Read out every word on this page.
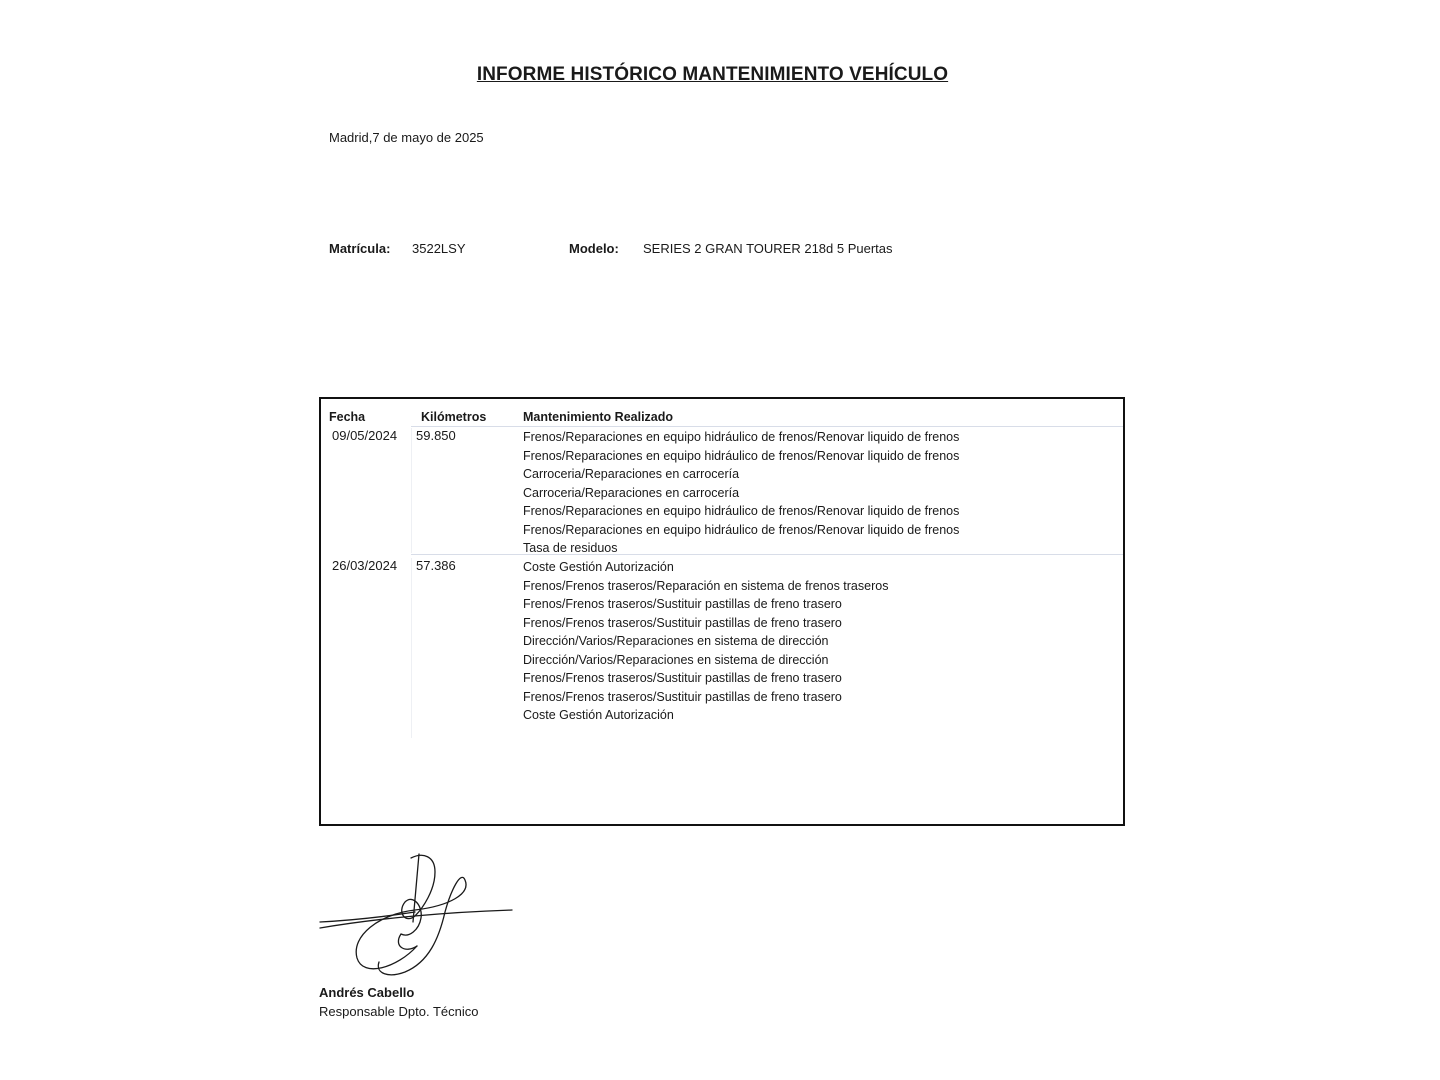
INFORME HISTÓRICO MANTENIMIENTO VEHÍCULO
Madrid,7 de mayo de 2025
Matrícula: 3522LSY	Modelo: SERIES 2 GRAN TOURER 218d 5 Puertas
Fecha	Kilómetros	Mantenimiento Realizado
09/05/2024 59.850	Frenos/Reparaciones en equipo hidráulico de frenos/Renovar liquido de frenos
Frenos/Reparaciones en equipo hidráulico de frenos/Renovar liquido de frenos
Carroceria/Reparaciones en carrocería
Carroceria/Reparaciones en carrocería
Frenos/Reparaciones en equipo hidráulico de frenos/Renovar liquido de frenos
Frenos/Reparaciones en equipo hidráulico de frenos/Renovar liquido de frenos
Tasa de residuos
26/03/2024 57.386	Coste Gestión Autorización
Frenos/Frenos traseros/Reparación en sistema de frenos traseros
Frenos/Frenos traseros/Sustituir pastillas de freno trasero
Frenos/Frenos traseros/Sustituir pastillas de freno trasero
Dirección/Varios/Reparaciones en sistema de dirección
Dirección/Varios/Reparaciones en sistema de dirección
Frenos/Frenos traseros/Sustituir pastillas de freno trasero
Frenos/Frenos traseros/Sustituir pastillas de freno trasero
Coste Gestión Autorización
Andrés Cabello
Responsable Dpto. Técnico
